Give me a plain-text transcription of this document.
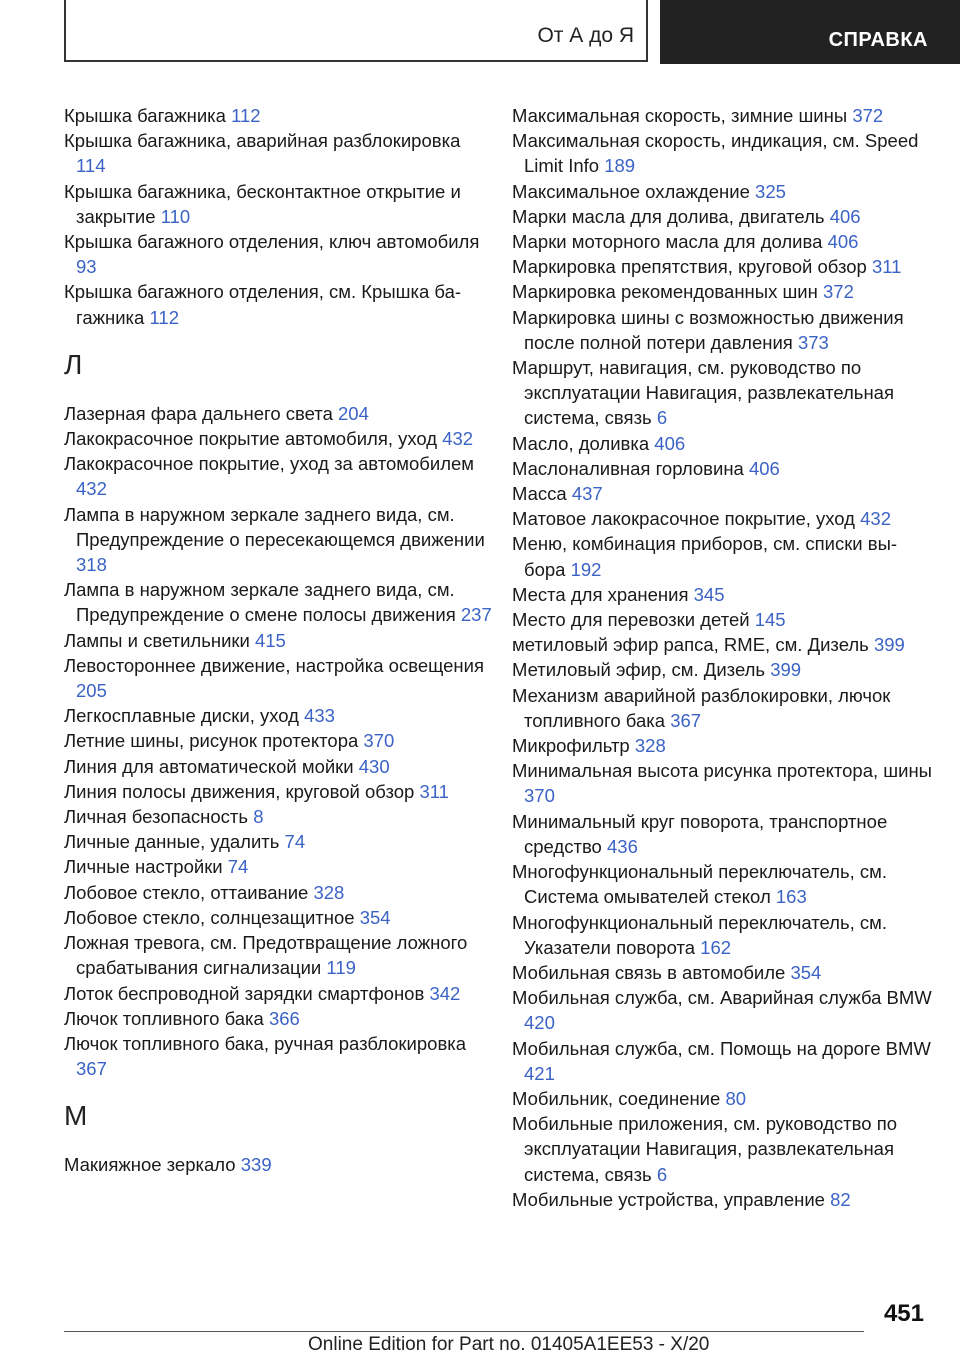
От А до Я	СПРАВКА
Крышка багажника 112
Крышка багажника, аварийная разблокировка 114
Крышка багажника, бесконтактное открытие и закрытие 110
Крышка багажного отделения, ключ автомобиля 93
Крышка багажного отделения, см. Крышка багажника 112
Л
Лазерная фара дальнего света 204
Лакокрасочное покрытие автомобиля, уход 432
Лакокрасочное покрытие, уход за автомобилем 432
Лампа в наружном зеркале заднего вида, см. Предупреждение о пересекающемся движении 318
Лампа в наружном зеркале заднего вида, см. Предупреждение о смене полосы движения 237
Лампы и светильники 415
Левостороннее движение, настройка освещения 205
Легкосплавные диски, уход 433
Летние шины, рисунок протектора 370
Линия для автоматической мойки 430
Линия полосы движения, круговой обзор 311
Личная безопасность 8
Личные данные, удалить 74
Личные настройки 74
Лобовое стекло, оттаивание 328
Лобовое стекло, солнцезащитное 354
Ложная тревога, см. Предотвращение ложного срабатывания сигнализации 119
Лоток беспроводной зарядки смартфонов 342
Лючок топливного бака 366
Лючок топливного бака, ручная разблокировка 367
М
Макияжное зеркало 339
Максимальная скорость, зимние шины 372
Максимальная скорость, индикация, см. Speed Limit Info 189
Максимальное охлаждение 325
Марки масла для долива, двигатель 406
Марки моторного масла для долива 406
Маркировка препятствия, круговой обзор 311
Маркировка рекомендованных шин 372
Маркировка шины с возможностью движения после полной потери давления 373
Маршрут, навигация, см. руководство по эксплуатации Навигация, развлекательная система, связь 6
Масло, доливка 406
Маслоналивная горловина 406
Масса 437
Матовое лакокрасочное покрытие, уход 432
Меню, комбинация приборов, см. списки выбора 192
Места для хранения 345
Место для перевозки детей 145
метиловый эфир рапса, RME, см. Дизель 399
Метиловый эфир, см. Дизель 399
Механизм аварийной разблокировки, лючок топливного бака 367
Микрофильтр 328
Минимальная высота рисунка протектора, шины 370
Минимальный круг поворота, транспортное средство 436
Многофункциональный переключатель, см. Система омывателей стекол 163
Многофункциональный переключатель, см. Указатели поворота 162
Мобильная связь в автомобиле 354
Мобильная служба, см. Аварийная служба BMW 420
Мобильная служба, см. Помощь на дороге BMW 421
Мобильник, соединение 80
Мобильные приложения, см. руководство по эксплуатации Навигация, развлекательная система, связь 6
Мобильные устройства, управление 82
451
Online Edition for Part no. 01405A1EE53 - X/20
